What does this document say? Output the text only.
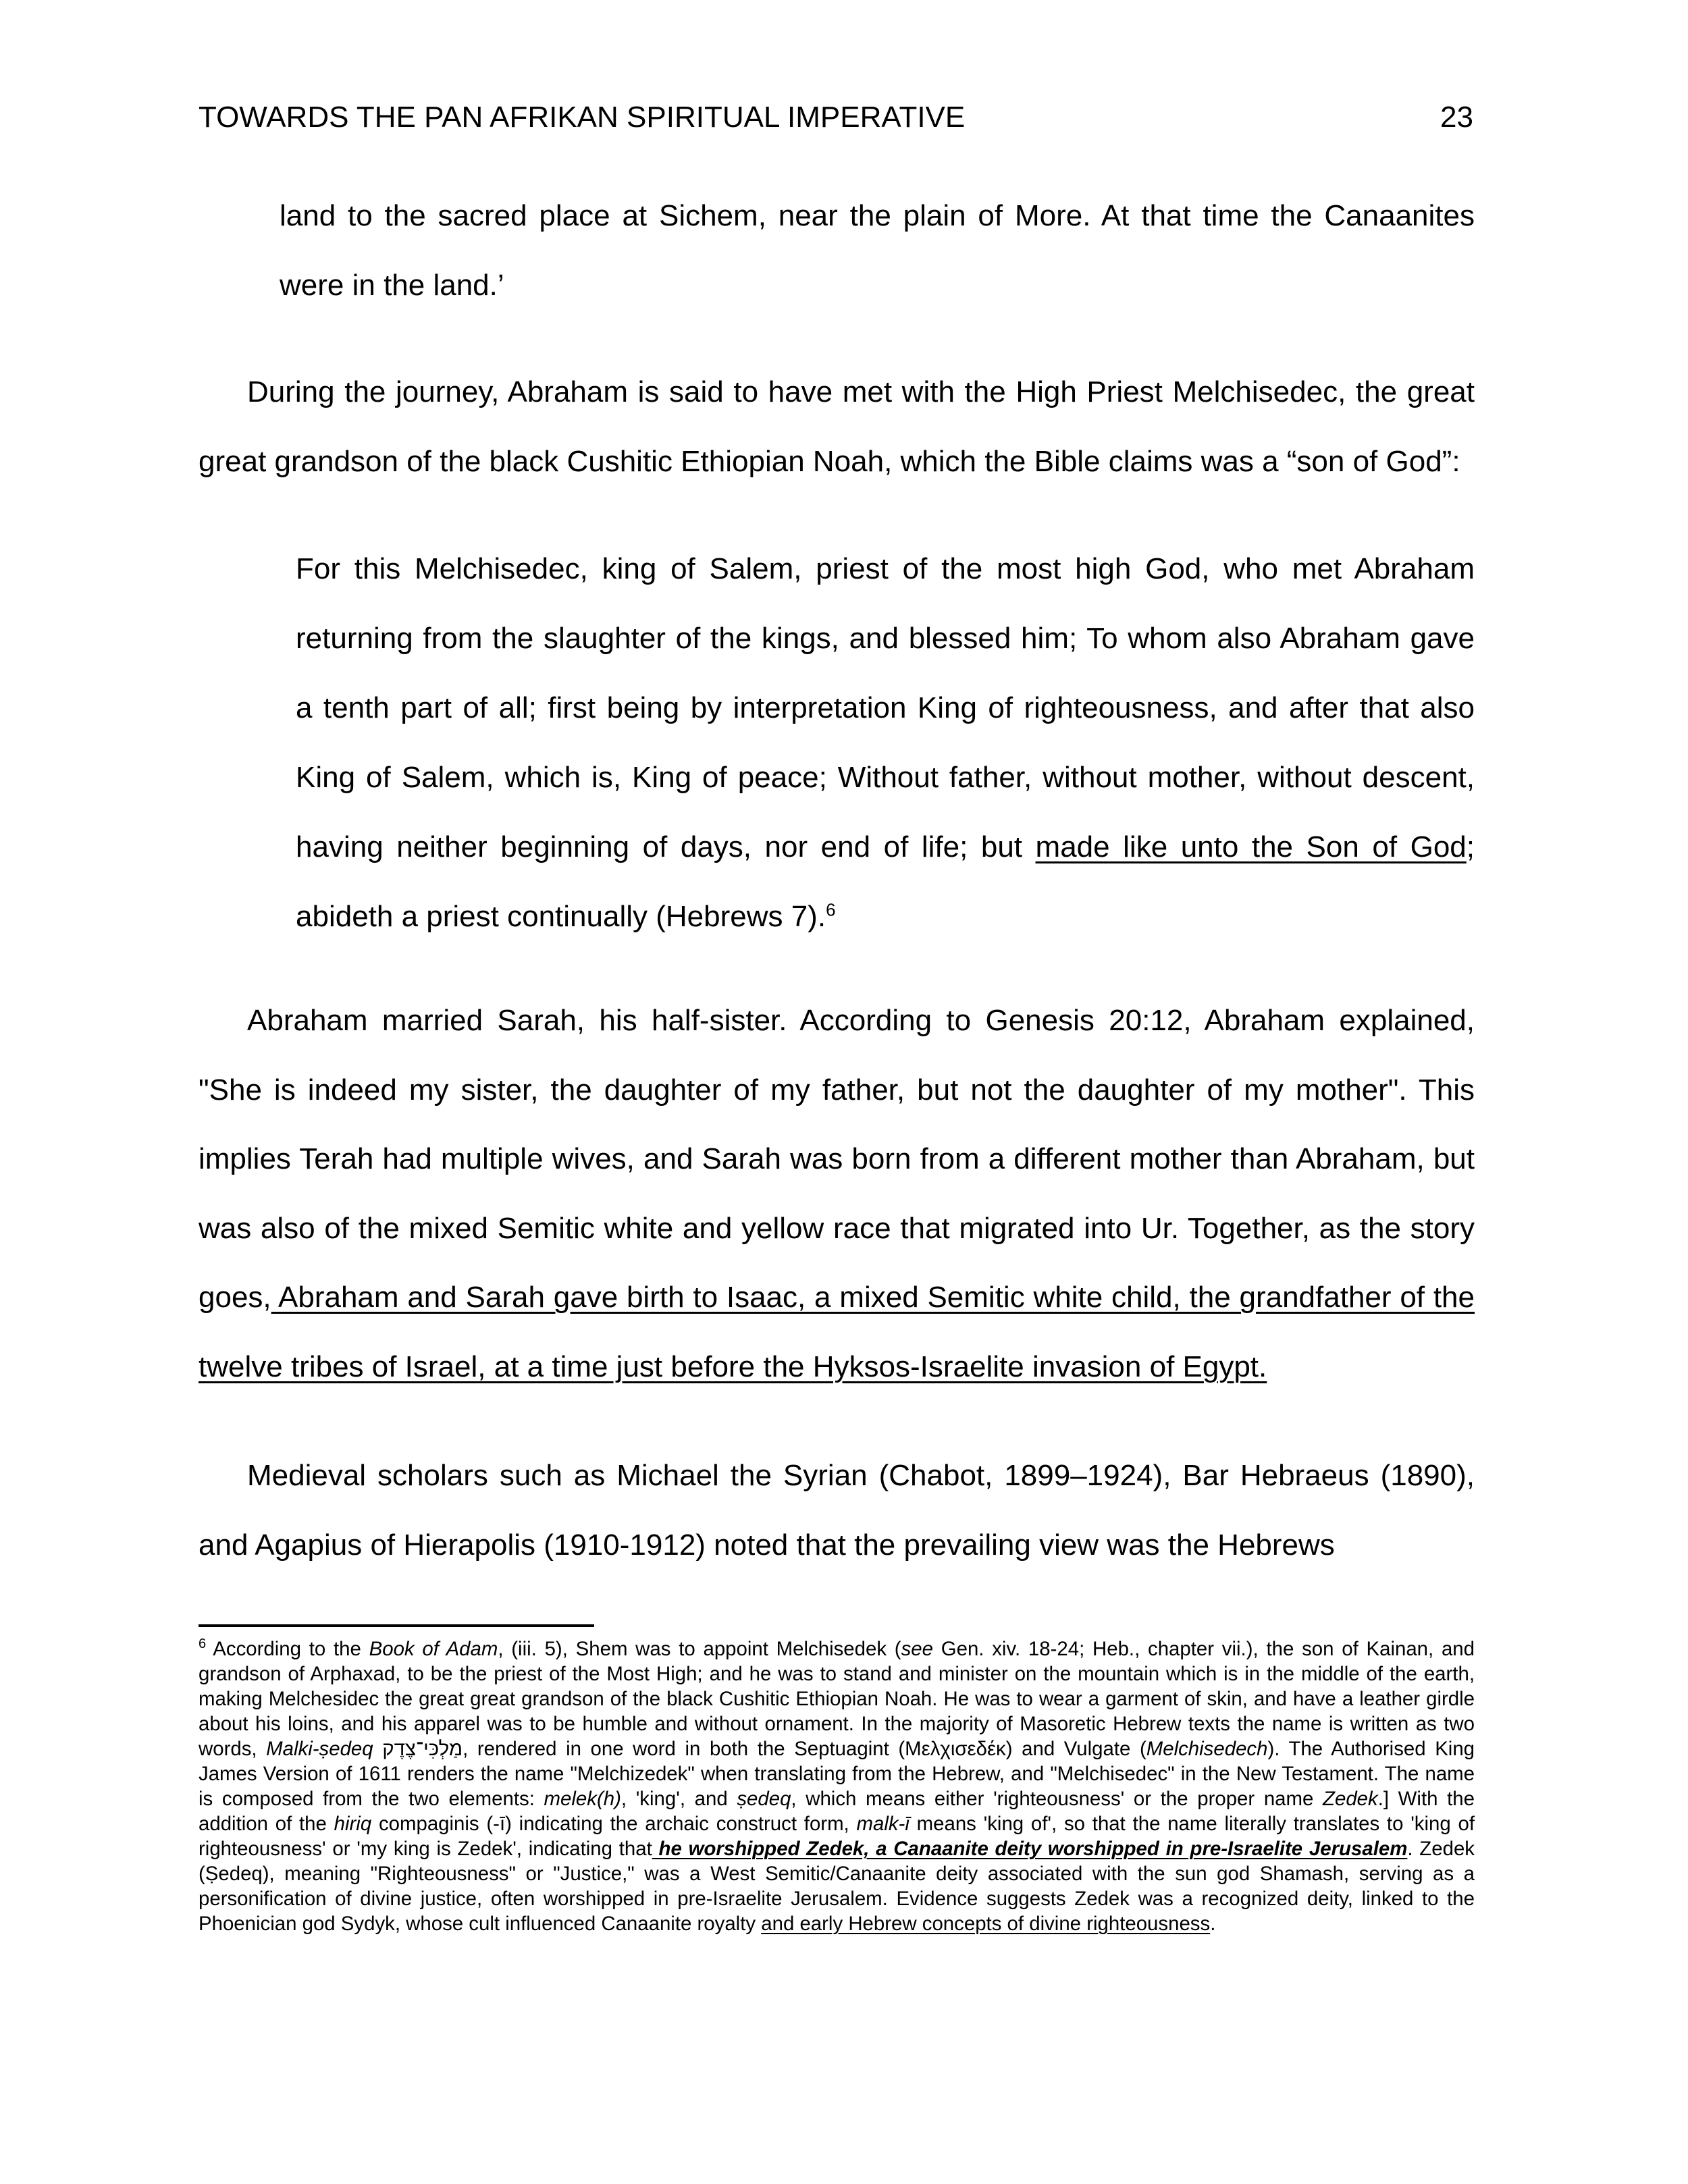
TOWARDS THE PAN AFRIKAN SPIRITUAL IMPERATIVE	23

land to the sacred place at Sichem, near the plain of More. At that time the Canaanites were in the land.’

During the journey, Abraham is said to have met with the High Priest Melchisedec, the great great grandson of the black Cushitic Ethiopian Noah, which the Bible claims was a “son of God”:

For this Melchisedec, king of Salem, priest of the most high God, who met Abraham returning from the slaughter of the kings, and blessed him; To whom also Abraham gave a tenth part of all; first being by interpretation King of righteousness, and after that also King of Salem, which is, King of peace; Without father, without mother, without descent, having neither beginning of days, nor end of life; but made like unto the Son of God; abideth a priest continually (Hebrews 7).$^6$

Abraham married Sarah, his half-sister. According to Genesis 20:12, Abraham explained, "She is indeed my sister, the daughter of my father, but not the daughter of my mother". This implies Terah had multiple wives, and Sarah was born from a different mother than Abraham, but was also of the mixed Semitic white and yellow race that migrated into Ur. Together, as the story goes, Abraham and Sarah gave birth to Isaac, a mixed Semitic white child, the grandfather of the twelve tribes of Israel, at a time just before the Hyksos-Israelite invasion of Egypt.

Medieval scholars such as Michael the Syrian (Chabot, 1899–1924), Bar Hebraeus (1890), and Agapius of Hierapolis (1910-1912) noted that the prevailing view was the Hebrews

$^6$ According to the Book of Adam, (iii. 5), Shem was to appoint Melchisedek (see Gen. xiv. 18-24; Heb., chapter vii.), the son of Kainan, and grandson of Arphaxad, to be the priest of the Most High; and he was to stand and minister on the mountain which is in the middle of the earth, making Melchesidec the great great grandson of the black Cushitic Ethiopian Noah. He was to wear a garment of skin, and have a leather girdle about his loins, and his apparel was to be humble and without ornament. In the majority of Masoretic Hebrew texts the name is written as two words, Malki-ṣedeq מַלְכִּי־צֶדֶק, rendered in one word in both the Septuagint (Μελχισεδέκ) and Vulgate (Melchisedech). The Authorised King James Version of 1611 renders the name "Melchizedek" when translating from the Hebrew, and "Melchisedec" in the New Testament. The name is composed from the two elements: melek(h), 'king', and ṣedeq, which means either 'righteousness' or the proper name Zedek.] With the addition of the hiriq compaginis (-ī) indicating the archaic construct form, malk-ī means 'king of', so that the name literally translates to 'king of righteousness' or 'my king is Zedek', indicating that he worshipped Zedek, a Canaanite deity worshipped in pre-Israelite Jerusalem. Zedek (Ṣedeq), meaning "Righteousness" or "Justice," was a West Semitic/Canaanite deity associated with the sun god Shamash, serving as a personification of divine justice, often worshipped in pre-Israelite Jerusalem. Evidence suggests Zedek was a recognized deity, linked to the Phoenician god Sydyk, whose cult influenced Canaanite royalty and early Hebrew concepts of divine righteousness.
